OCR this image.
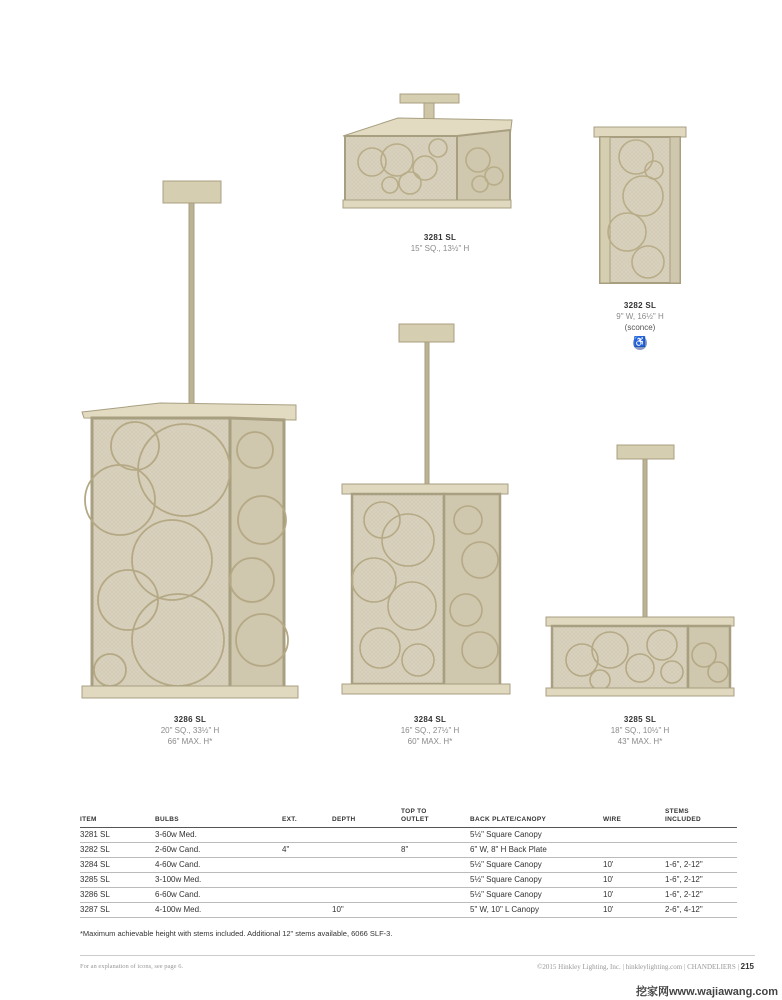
3281 SL
15" SQ., 13½" H
3282 SL
9" W, 16½" H
(sconce)
♿
3286 SL
20" SQ., 33½" H
66" MAX. H*
3284 SL
16" SQ., 27½" H
60" MAX. H*
3285 SL
18" SQ., 10½" H
43" MAX. H*
ITEM	BULBS	EXT.	DEPTH	TOP TO
OUTLET	BACK PLATE/CANOPY	WIRE	STEMS
INCLUDED
3281 SL	3-60w Med.				5½" Square Canopy		
3282 SL	2-60w Cand.	4"		8"	6" W, 8" H Back Plate		
3284 SL	4-60w Cand.				5½" Square Canopy	10'	1-6", 2-12"
3285 SL	3-100w Med.				5½" Square Canopy	10'	1-6", 2-12"
3286 SL	6-60w Cand.				5½" Square Canopy	10'	1-6", 2-12"
3287 SL	4-100w Med.		10"		5" W, 10" L Canopy	10'	2-6", 4-12"
*Maximum achievable height with stems included. Additional 12" stems available, 6066 SLF-3.
For an explanation of icons, see page 6.	©2015 Hinkley Lighting, Inc. | hinkleylighting.com | CHANDELIERS | 215
挖家网www.wajiawang.com
